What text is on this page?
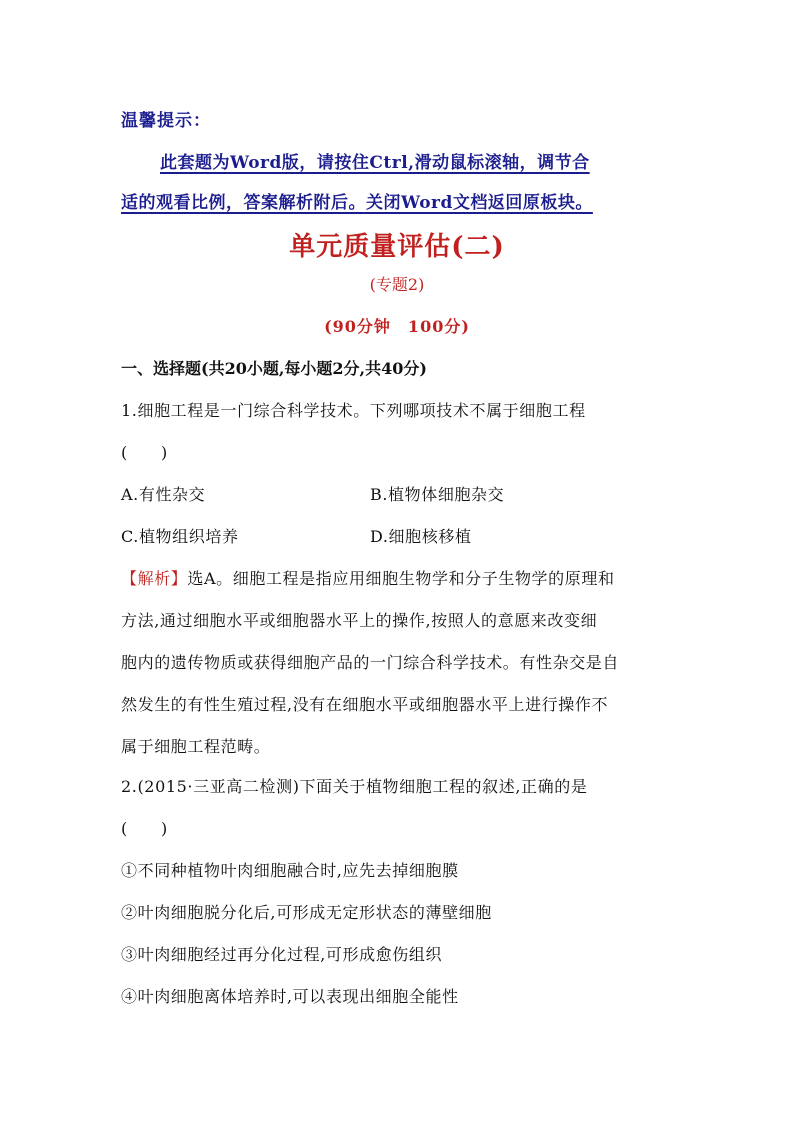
温馨提示：
此套题为Word版，请按住Ctrl,滑动鼠标滚轴，调节合
适的观看比例，答案解析附后。关闭Word文档返回原板块。
单元质量评估(二)
(专题2)
(90分钟　100分)
一、选择题(共20小题,每小题2分,共40分)
1.细胞工程是一门综合科学技术。下列哪项技术不属于细胞工程
(　　)
A.有性杂交	B.植物体细胞杂交
C.植物组织培养	D.细胞核移植
【解析】选A。细胞工程是指应用细胞生物学和分子生物学的原理和
方法,通过细胞水平或细胞器水平上的操作,按照人的意愿来改变细
胞内的遗传物质或获得细胞产品的一门综合科学技术。有性杂交是自
然发生的有性生殖过程,没有在细胞水平或细胞器水平上进行操作不
属于细胞工程范畴。
2.(2015·三亚高二检测)下面关于植物细胞工程的叙述,正确的是
(　　)
①不同种植物叶肉细胞融合时,应先去掉细胞膜
②叶肉细胞脱分化后,可形成无定形状态的薄壁细胞
③叶肉细胞经过再分化过程,可形成愈伤组织
④叶肉细胞离体培养时,可以表现出细胞全能性
